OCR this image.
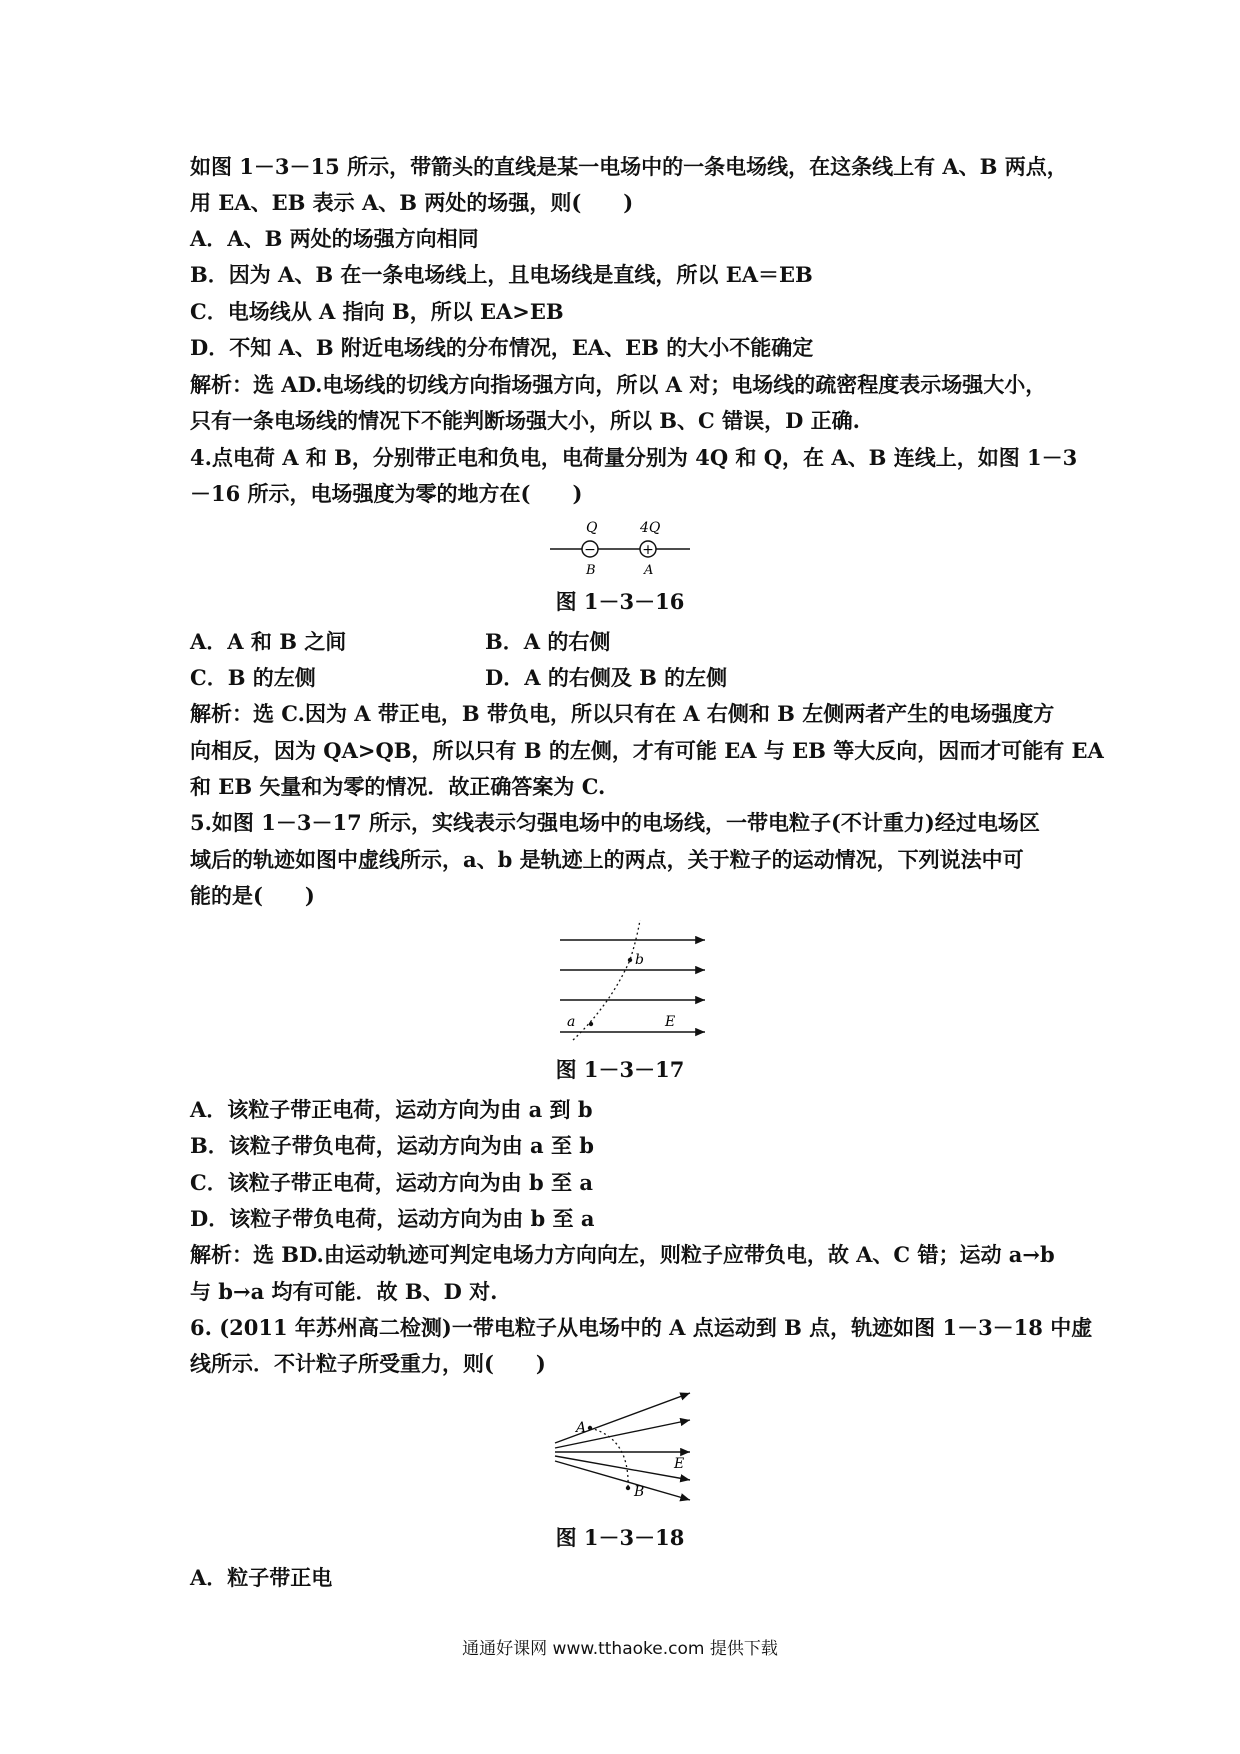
如图 1－3－15 所示，带箭头的直线是某一电场中的一条电场线，在这条线上有 A、B 两点，
用 EA、EB 表示 A、B 两处的场强，则(　　)
A．A、B 两处的场强方向相同
B．因为 A、B 在一条电场线上，且电场线是直线，所以 EA＝EB
C．电场线从 A 指向 B，所以 EA>EB
D．不知 A、B 附近电场线的分布情况，EA、EB 的大小不能确定
解析：选 AD.电场线的切线方向指场强方向，所以 A 对；电场线的疏密程度表示场强大小，
只有一条电场线的情况下不能判断场强大小，所以 B、C 错误，D 正确.
4.点电荷 A 和 B，分别带正电和负电，电荷量分别为 4Q 和 Q，在 A、B 连线上，如图 1－3
－16 所示，电场强度为零的地方在(　　)
Q	4Q
−	+
B	A
图 1－3－16
A．A 和 B 之间	B．A 的右侧
C．B 的左侧	D．A 的右侧及 B 的左侧
解析：选 C.因为 A 带正电，B 带负电，所以只有在 A 右侧和 B 左侧两者产生的电场强度方
向相反，因为 QA>QB，所以只有 B 的左侧，才有可能 EA 与 EB 等大反向，因而才可能有 EA
和 EB 矢量和为零的情况．故正确答案为 C.
5.如图 1－3－17 所示，实线表示匀强电场中的电场线，一带电粒子(不计重力)经过电场区
域后的轨迹如图中虚线所示，a、b 是轨迹上的两点，关于粒子的运动情况，下列说法中可
能的是(　　)
b
a	E
图 1－3－17
A．该粒子带正电荷，运动方向为由 a 到 b
B．该粒子带负电荷，运动方向为由 a 至 b
C．该粒子带正电荷，运动方向为由 b 至 a
D．该粒子带负电荷，运动方向为由 b 至 a
解析：选 BD.由运动轨迹可判定电场力方向向左，则粒子应带负电，故 A、C 错；运动 a→b
与 b→a 均有可能．故 B、D 对.
6. (2011 年苏州高二检测)一带电粒子从电场中的 A 点运动到 B 点，轨迹如图 1－3－18 中虚
线所示．不计粒子所受重力，则(　　)
A
B
E
图 1－3－18
A．粒子带正电
通通好课网 www.tthaoke.com 提供下载
